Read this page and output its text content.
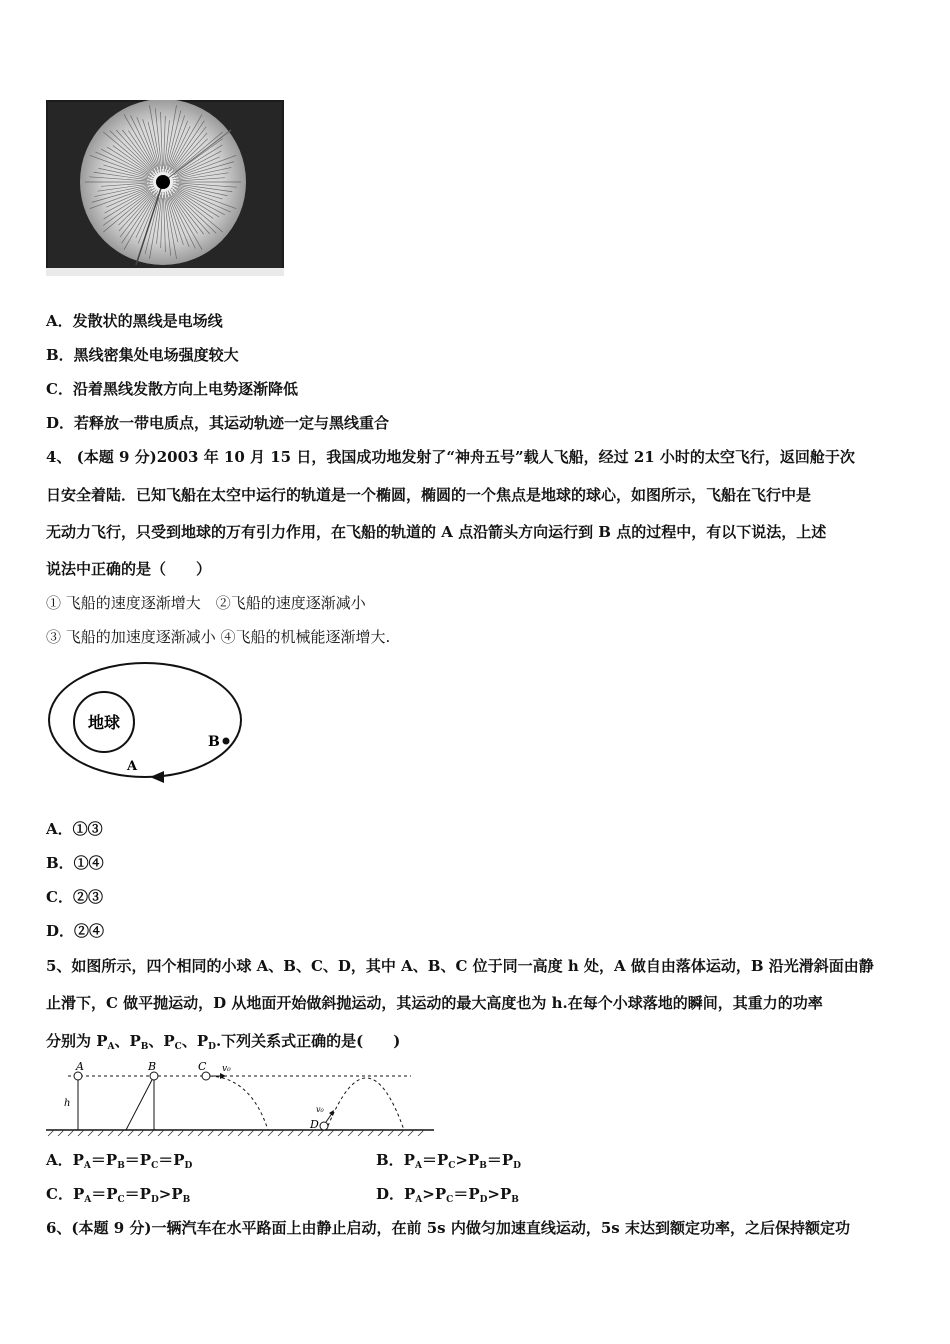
A．发散状的黑线是电场线
B．黑线密集处电场强度较大
C．沿着黑线发散方向上电势逐渐降低
D．若释放一带电质点，其运动轨迹一定与黑线重合
4、 (本题 9 分)2003 年 10 月 15 日，我国成功地发射了“神舟五号”载人飞船，经过 21 小时的太空飞行，返回舱于次
日安全着陆．已知飞船在太空中运行的轨道是一个椭圆，椭圆的一个焦点是地球的球心，如图所示，飞船在飞行中是
无动力飞行，只受到地球的万有引力作用，在飞船的轨道的 A 点沿箭头方向运行到 B 点的过程中，有以下说法，上述
说法中正确的是（　　）
① 飞船的速度逐渐增大　②飞船的速度逐渐减小
③ 飞船的加速度逐渐减小 ④飞船的机械能逐渐增大.
地球
A
B
A．①③
B．①④
C．②③
D．②④
5、如图所示，四个相同的小球 A、B、C、D，其中 A、B、C 位于同一高度 h 处，A 做自由落体运动，B 沿光滑斜面由静
止滑下，C 做平抛运动，D 从地面开始做斜抛运动，其运动的最大高度也为 h.在每个小球落地的瞬间，其重力的功率
分别为 $P_A$、$P_B$、$P_C$、$P_D$.下列关系式正确的是(　　)
A
h
B	C v₀
D
v₀
A．$P_A=P_B=P_C=P_D$	B．$P_A=P_C>P_B=P_D$
C．$P_A=P_C=P_D>P_B$	D．$P_A>P_C=P_D>P_B$
6、(本题 9 分)一辆汽车在水平路面上由静止启动，在前 5s 内做匀加速直线运动，5s 末达到额定功率，之后保持额定功
